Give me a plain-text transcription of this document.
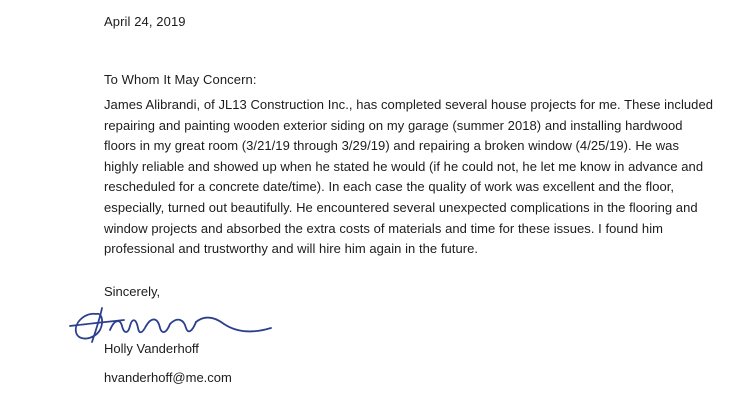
April 24, 2019
To Whom It May Concern:
James Alibrandi, of JL13 Construction Inc., has completed several house projects for me. These included
repairing and painting wooden exterior siding on my garage (summer 2018) and installing hardwood
floors in my great room (3/21/19 through 3/29/19) and repairing a broken window (4/25/19). He was
highly reliable and showed up when he stated he would (if he could not, he let me know in advance and
rescheduled for a concrete date/time). In each case the quality of work was excellent and the floor,
especially, turned out beautifully. He encountered several unexpected complications in the flooring and
window projects and absorbed the extra costs of materials and time for these issues. I found him
professional and trustworthy and will hire him again in the future.
Sincerely,
Holly Vanderhoff
hvanderhoff@me.com
